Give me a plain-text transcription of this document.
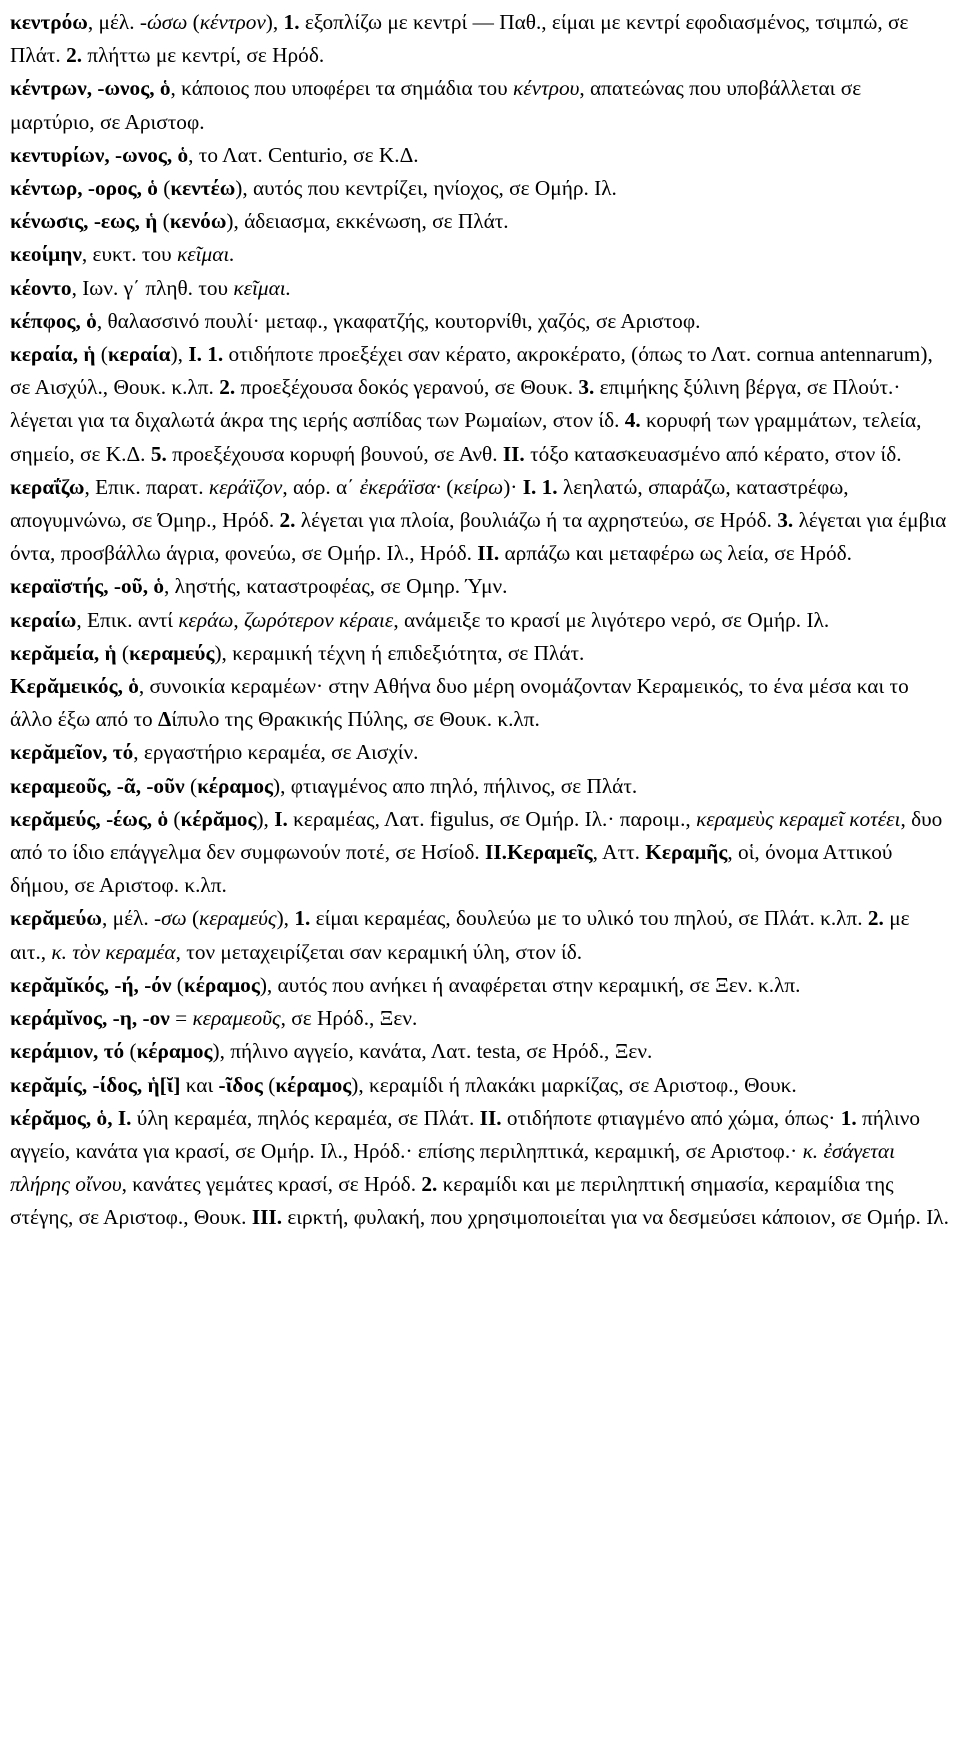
κεντρόω, μέλ. -ώσω (κέντρον), 1. εξοπλίζω με κεντρί — Παθ., είμαι με κεντρί εφοδιασμένος, τσιμπώ, σε Πλάτ. 2. πλήττω με κεντρί, σε Ηρόδ.

κέντρων, -ωνος, ὁ, κάποιος που υποφέρει τα σημάδια του κέντρου, απατεώνας που υποβάλλεται σε μαρτύριο, σε Αριστοφ.

κεντυρίων, -ωνος, ὁ, το Λατ. Centurio, σε Κ.Δ.

κέντωρ, -ορος, ὁ (κεντέω), αυτός που κεντρίζει, ηνίοχος, σε Ομήρ. Ιλ.

κένωσις, -εως, ἡ (κενόω), άδειασμα, εκκένωση, σε Πλάτ.

κεοίμην, ευκτ. του κεῖμαι.

κέοντο, Ιων. γ΄ πληθ. του κεῖμαι.

κέπφος, ὁ, θαλασσινό πουλί· μεταφ., γκαφατζής, κουτορνίθι, χαζός, σε Αριστοφ.

κεραία, ἡ (κεραία), Ι. 1. οτιδήποτε προεξέχει σαν κέρατο, ακροκέρατο, (όπως το Λατ. cornua antennarum), σε Αισχύλ., Θουκ. κ.λπ. 2. προεξέχουσα δοκός γερανού, σε Θουκ. 3. επιμήκης ξύλινη βέργα, σε Πλούτ.· λέγεται για τα διχαλωτά άκρα της ιερής ασπίδας των Ρωμαίων, στον ίδ. 4. κορυφή των γραμμάτων, τελεία, σημείο, σε Κ.Δ. 5. προεξέχουσα κορυφή βουνού, σε Ανθ. ΙΙ. τόξο κατασκευασμένο από κέρατο, στον ίδ.

κεραΐζω, Επικ. παρατ. κεράϊζον, αόρ. α΄ ἐκεράϊσα· (κείρω)· Ι. 1. λεηλατώ, σπαράζω, καταστρέφω, απογυμνώνω, σε Όμηρ., Ηρόδ. 2. λέγεται για πλοία, βουλιάζω ή τα αχρηστεύω, σε Ηρόδ. 3. λέγεται για έμβια όντα, προσβάλλω άγρια, φονεύω, σε Ομήρ. Ιλ., Ηρόδ. ΙΙ. αρπάζω και μεταφέρω ως λεία, σε Ηρόδ.

κεραϊστής, -οῦ, ὁ, ληστής, καταστροφέας, σε Ομηρ. Ύμν.

κεραίω, Επικ. αντί κεράω, ζωρότερον κέραιε, ανάμειξε το κρασί με λιγότερο νερό, σε Ομήρ. Ιλ.

κερᾰμεία, ἡ (κεραμεύς), κεραμική τέχνη ή επιδεξιότητα, σε Πλάτ.

Κερᾰμεικός, ὁ, συνοικία κεραμέων· στην Αθήνα δυο μέρη ονομάζονταν Κεραμεικός, το ένα μέσα και το άλλο έξω από το Δίπυλο της Θρακικής Πύλης, σε Θουκ. κ.λπ.

κερᾰμεῖον, τό, εργαστήριο κεραμέα, σε Αισχίν.

κεραμεοῦς, -ᾶ, -οῦν (κέραμος), φτιαγμένος απο πηλό, πήλινος, σε Πλάτ.

κερᾰμεύς, -έως, ὁ (κέρᾰμος), Ι. κεραμέας, Λατ. figulus, σε Ομήρ. Ιλ.· παροιμ., κεραμεὺς κεραμεῖ κοτέει, δυο από το ίδιο επάγγελμα δεν συμφωνούν ποτέ, σε Ησίοδ. ΙΙ.Κεραμεῖς, Αττ. Κεραμῆς, οἱ, όνομα Αττικού δήμου, σε Αριστοφ. κ.λπ.

κερᾰμεύω, μέλ. -σω (κεραμεύς), 1. είμαι κεραμέας, δουλεύω με το υλικό του πηλού, σε Πλάτ. κ.λπ. 2. με αιτ., κ. τὸν κεραμέα, τον μεταχειρίζεται σαν κεραμική ύλη, στον ίδ.

κερᾰμῐκός, -ή, -όν (κέραμος), αυτός που ανήκει ή αναφέρεται στην κεραμική, σε Ξεν. κ.λπ.

κεράμῐνος, -η, -ον = κεραμεοῦς, σε Ηρόδ., Ξεν.

κεράμιον, τό (κέραμος), πήλινο αγγείο, κανάτα, Λατ. testa, σε Ηρόδ., Ξεν.

κερᾰμίς, -ίδος, ἡ[ῐ] και -ῖδος (κέραμος), κεραμίδι ή πλακάκι μαρκίζας, σε Αριστοφ., Θουκ.

κέρᾰμος, ὁ, Ι. ύλη κεραμέα, πηλός κεραμέα, σε Πλάτ. ΙΙ. οτιδήποτε φτιαγμένο από χώμα, όπως· 1. πήλινο αγγείο, κανάτα για κρασί, σε Ομήρ. Ιλ., Ηρόδ.· επίσης περιληπτικά, κεραμική, σε Αριστοφ.· κ. ἐσάγεται πλήρης οἴνου, κανάτες γεμάτες κρασί, σε Ηρόδ. 2. κεραμίδι και με περιληπτική σημασία, κεραμίδια της στέγης, σε Αριστοφ., Θουκ. ΙΙΙ. ειρκτή, φυλακή, που χρησιμοποιείται για να δεσμεύσει κάποιον, σε Ομήρ. Ιλ.
